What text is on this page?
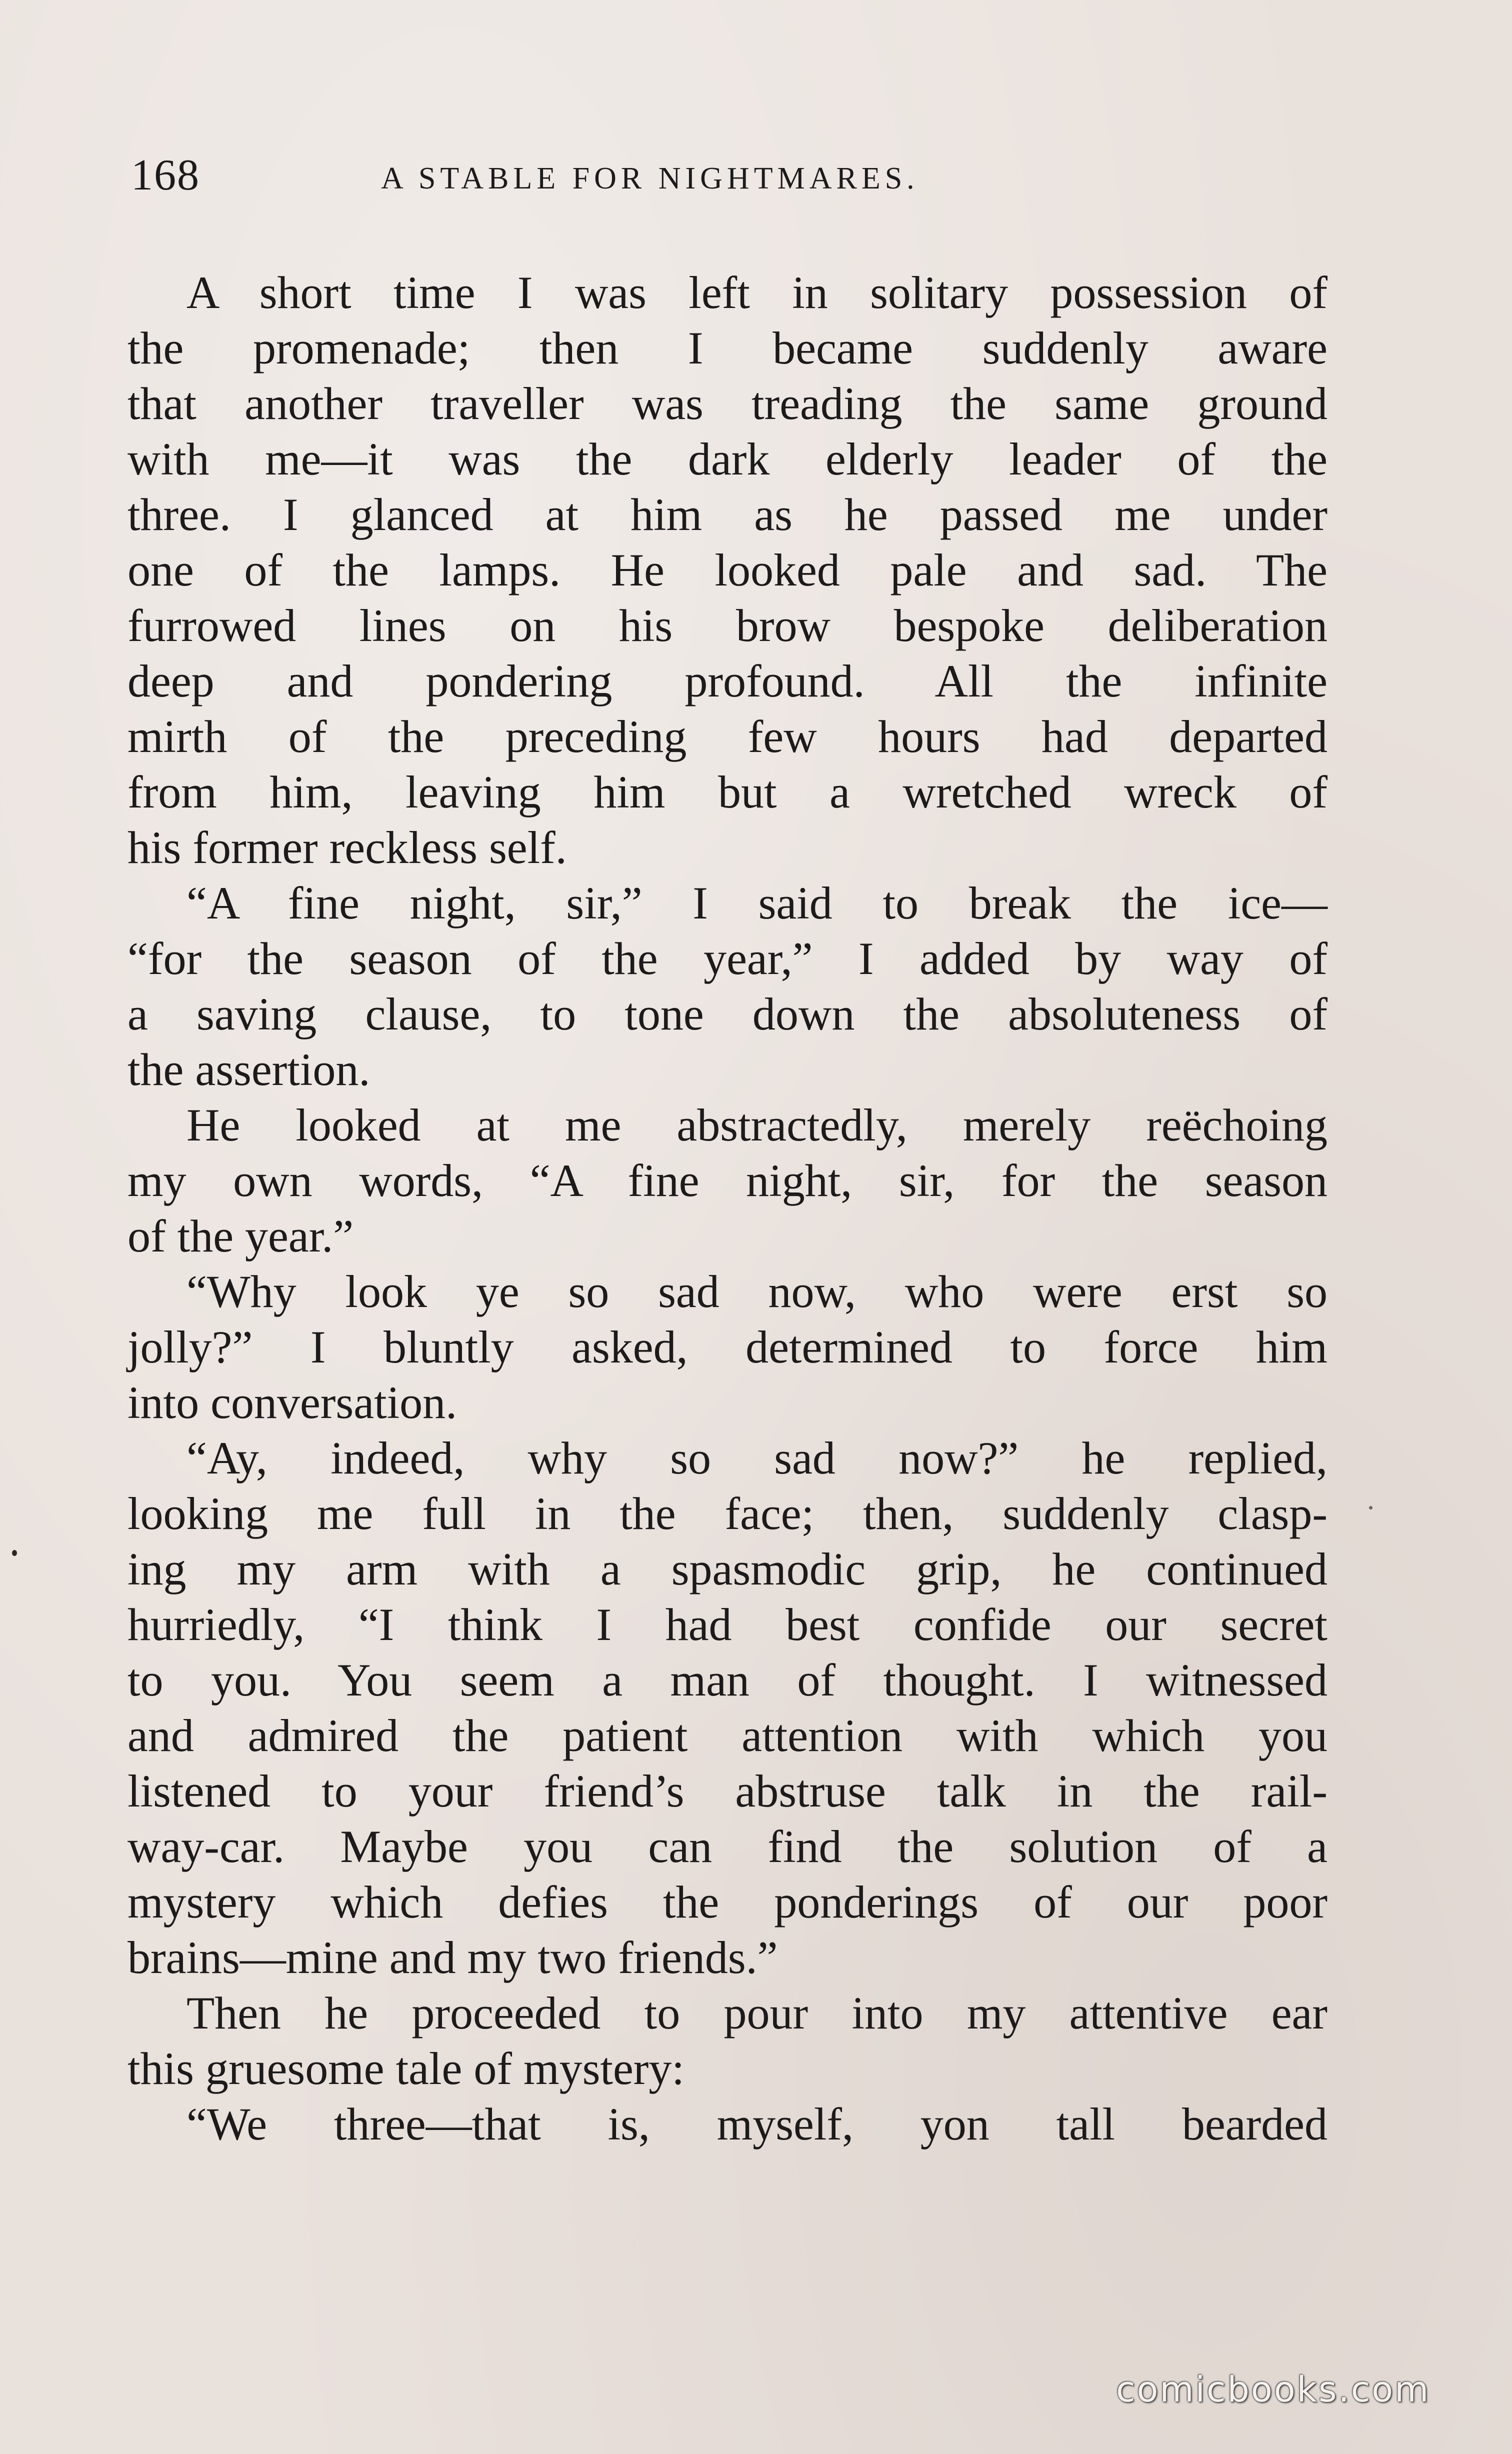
168	A STABLE FOR NIGHTMARES.
A short time I was left in solitary possession of
the promenade; then I became suddenly aware
that another traveller was treading the same ground
with me—it was the dark elderly leader of the
three. I glanced at him as he passed me under
one of the lamps. He looked pale and sad. The
furrowed lines on his brow bespoke deliberation
deep and pondering profound. All the infinite
mirth of the preceding few hours had departed
from him, leaving him but a wretched wreck of
his former reckless self.
“A fine night, sir,” I said to break the ice—
“for the season of the year,” I added by way of
a saving clause, to tone down the absoluteness of
the assertion.
He looked at me abstractedly, merely reëchoing
my own words, “A fine night, sir, for the season
of the year.”
“Why look ye so sad now, who were erst so
jolly?” I bluntly asked, determined to force him
into conversation.
“Ay, indeed, why so sad now?” he replied,
looking me full in the face; then, suddenly clasp-
ing my arm with a spasmodic grip, he continued
hurriedly, “I think I had best confide our secret
to you. You seem a man of thought. I witnessed
and admired the patient attention with which you
listened to your friend’s abstruse talk in the rail-
way-car. Maybe you can find the solution of a
mystery which defies the ponderings of our poor
brains—mine and my two friends.”
Then he proceeded to pour into my attentive ear
this gruesome tale of mystery:
“We three—that is, myself, yon tall bearded
comicbooks.com
